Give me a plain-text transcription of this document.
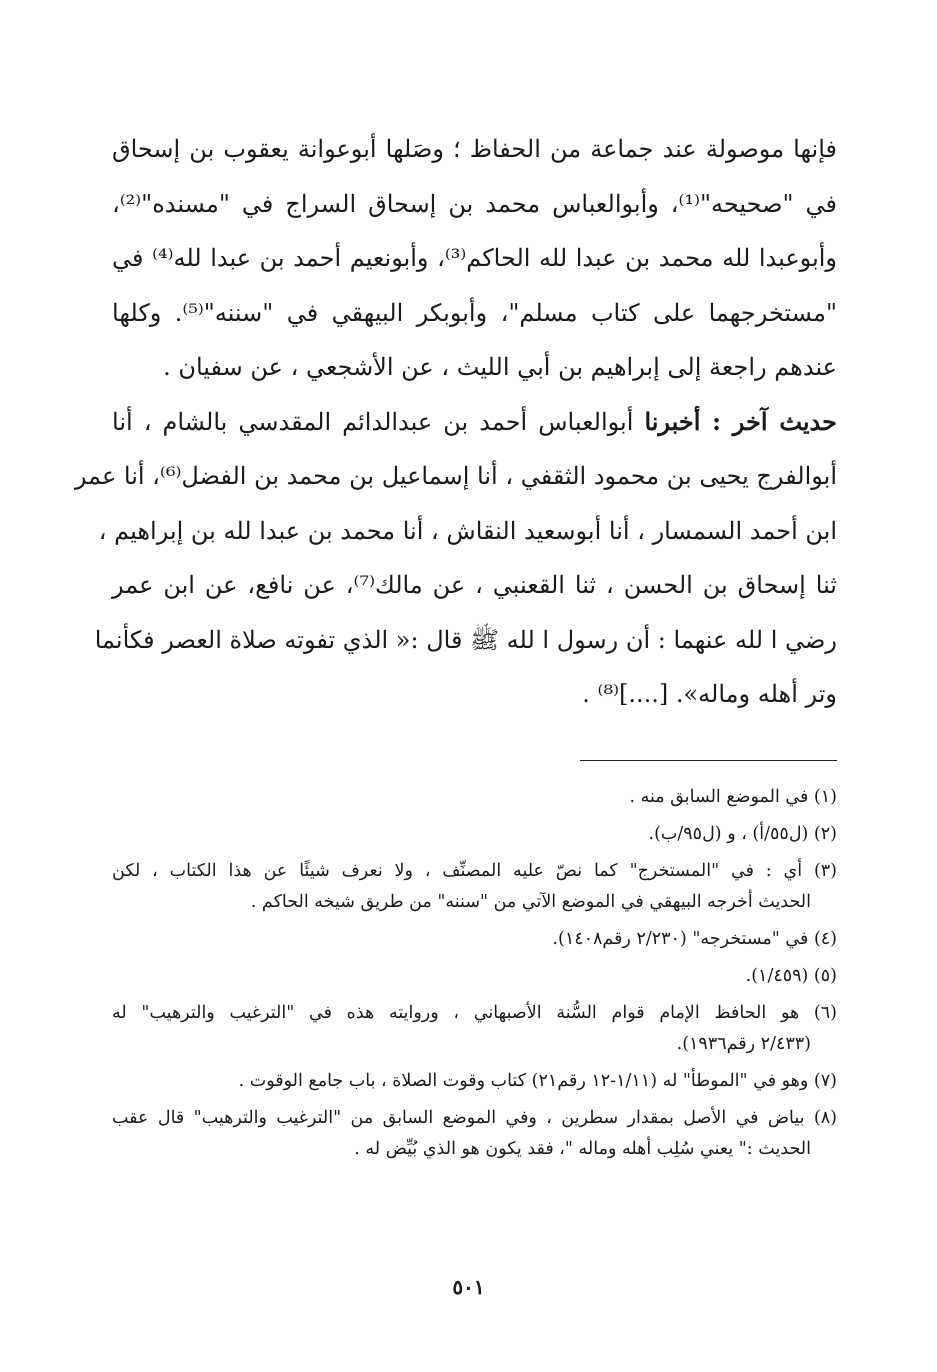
فإنها موصولة عند جماعة من الحفاظ ؛ وصَلها أبوعوانة يعقوب بن إسحاق
في "صحيحه"⁽¹⁾، وأبوالعباس محمد بن إسحاق السراج في "مسنده"⁽²⁾،
وأبوعبدا لله محمد بن عبدا لله الحاكم⁽³⁾، وأبونعيم أحمد بن عبدا لله⁽⁴⁾ في
"مستخرجهما على كتاب مسلم"، وأبوبكر البيهقي في "سننه"⁽⁵⁾. وكلها
عندهم راجعة إلى إبراهيم بن أبي الليث ، عن الأشجعي ، عن سفيان .
حديث آخر : أخبرنا أبوالعباس أحمد بن عبدالدائم المقدسي بالشام ، أنا
أبوالفرج يحيى بن محمود الثقفي ، أنا إسماعيل بن محمد بن الفضل⁽⁶⁾، أنا عمر
ابن أحمد السمسار ، أنا أبوسعيد النقاش ، أنا محمد بن عبدا لله بن إبراهيم ،
ثنا إسحاق بن الحسن ، ثنا القعنبي ، عن مالك⁽⁷⁾، عن نافع، عن ابن عمر
رضي ا لله عنهما : أن رسول ا لله ﷺ قال :« الذي تفوته صلاة العصر فكأنما
وتر أهله وماله». [....]⁽⁸⁾ .
(١) في الموضع السابق منه .
(٢) (ل٥٥/أ) ، و (ل٩٥/ب).
(٣) أي : في "المستخرج" كما نصّ عليه المصنِّف ، ولا نعرف شيئًا عن هذا الكتاب ، لكن
الحديث أخرجه البيهقي في الموضع الآتي من "سننه" من طريق شيخه الحاكم .
(٤) في "مستخرجه" (٢/٢٣٠ رقم١٤٠٨).
(٥) (١/٤٥٩).
(٦) هو الحافظ الإمام قوام السُّنة الأصبهاني ، وروايته هذه في "الترغيب والترهيب" له
(٢/٤٣٣ رقم١٩٣٦).
(٧) وهو في "الموطأ" له (١/١١-١٢ رقم٢١) كتاب وقوت الصلاة ، باب جامع الوقوت .
(٨) بياض في الأصل بمقدار سطرين ، وفي الموضع السابق من "الترغيب والترهيب" قال عقب
الحديث :" يعني سُلِب أهله وماله "، فقد يكون هو الذي بُيِّض له .
٥٠١
